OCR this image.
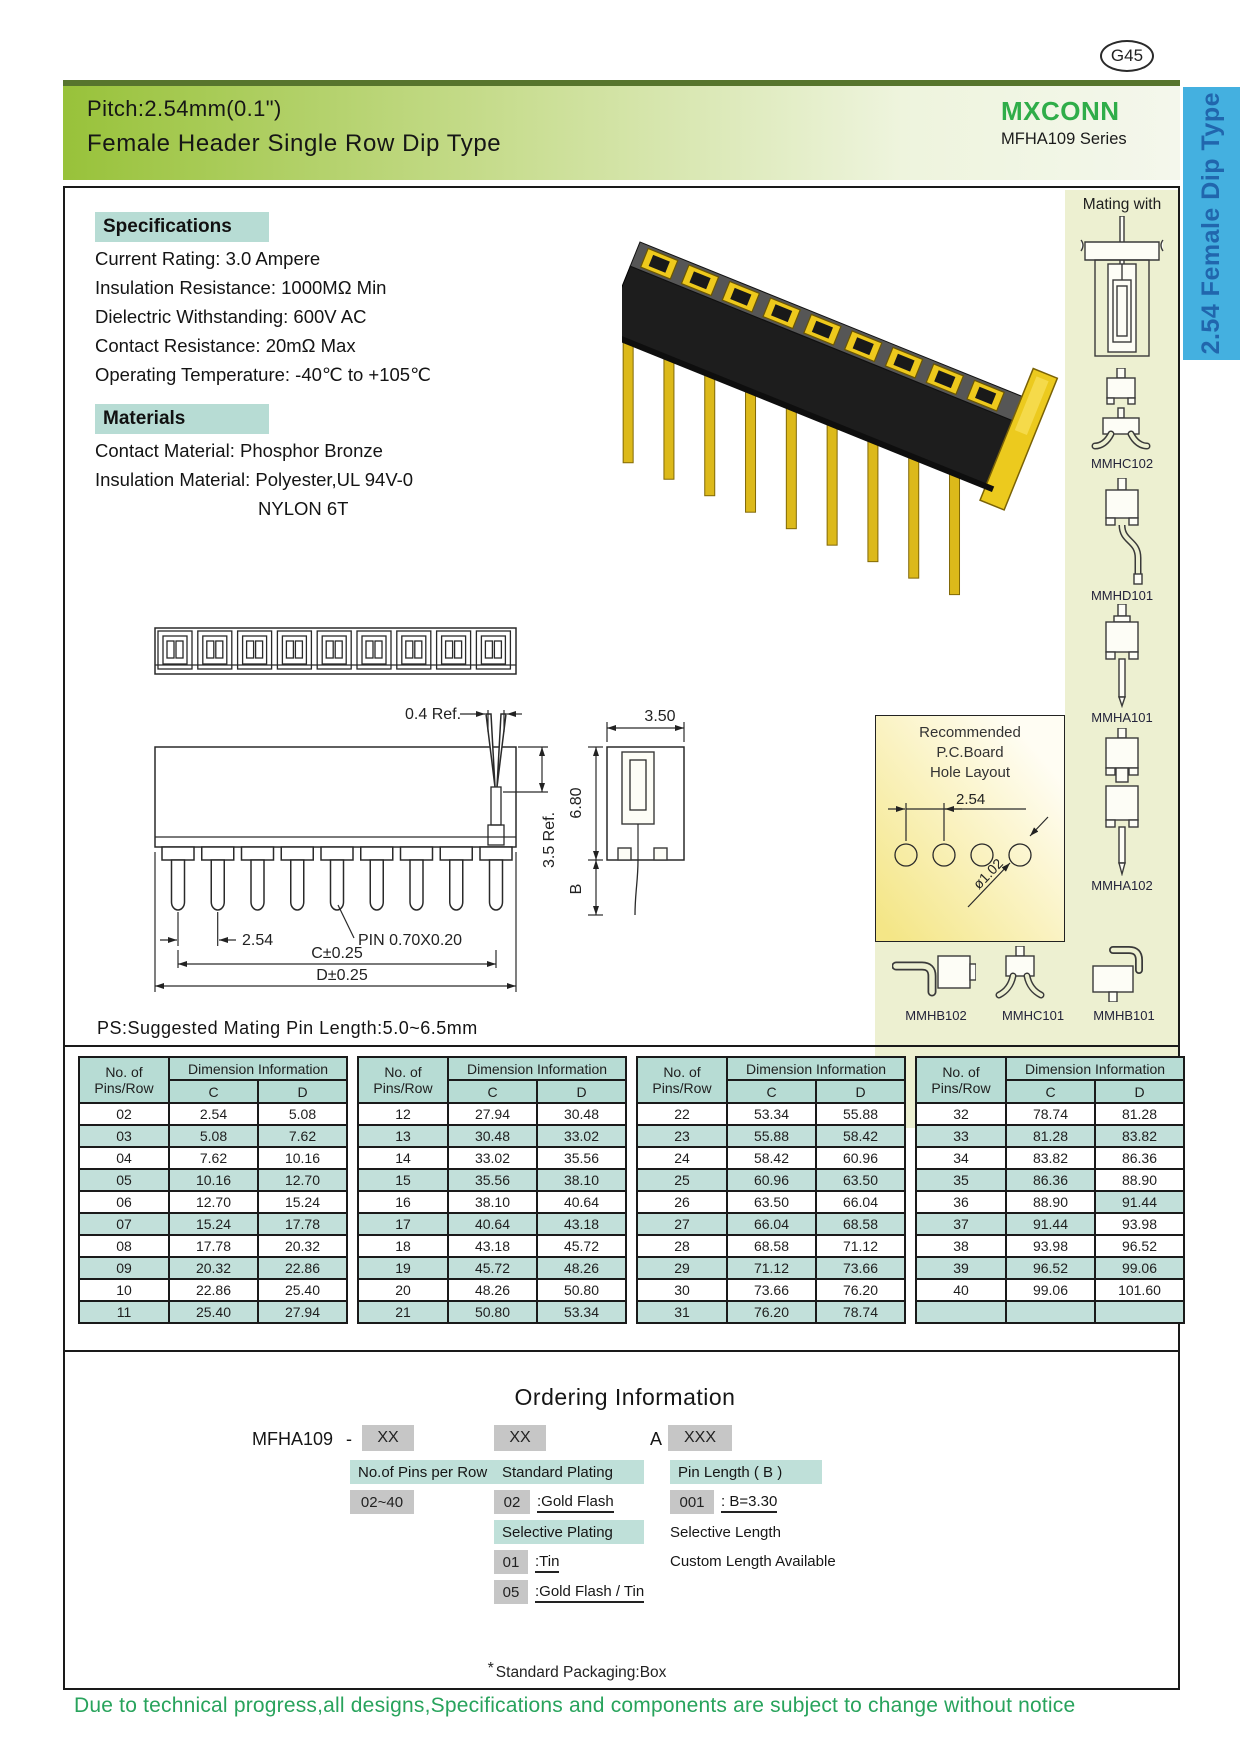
G45
2.54 Female Dip Type
Pitch:2.54mm(0.1")
Female Header Single Row Dip Type
MXCONN
MFHA109 Series
Mating with
Specifications
Current Rating: 3.0 Ampere
Insulation Resistance: 1000MΩ Min
Dielectric Withstanding: 600V AC
Contact Resistance: 20mΩ Max
Operating Temperature: -40℃ to +105℃
Materials
Contact Material: Phosphor Bronze
Insulation Material: Polyester,UL 94V-0
NYLON 6T
0.4 Ref.
3.5 Ref.
3.50
6.80
B
2.54	PIN 0.70X0.20
C±0.25
D±0.25
Recommended
P.C.Board
Hole Layout
2.54
ø1.02
MMHC102
MMHD101
MMHA101
MMHA102
MMHB102	MMHC101	MMHB101
PS:Suggested Mating Pin Length:5.0~6.5mm
No. of
Pins/Row	Dimension Information	
	C	D
02	2.54	5.08
03	5.08	7.62
04	7.62	10.16
05	10.16	12.70
06	12.70	15.24
07	15.24	17.78
08	17.78	20.32
09	20.32	22.86
10	22.86	25.40
11	25.40	27.94
No. of
Pins/Row	Dimension Information	
	C	D
12	27.94	30.48
13	30.48	33.02
14	33.02	35.56
15	35.56	38.10
16	38.10	40.64
17	40.64	43.18
18	43.18	45.72
19	45.72	48.26
20	48.26	50.80
21	50.80	53.34
No. of
Pins/Row	Dimension Information	
	C	D
22	53.34	55.88
23	55.88	58.42
24	58.42	60.96
25	60.96	63.50
26	63.50	66.04
27	66.04	68.58
28	68.58	71.12
29	71.12	73.66
30	73.66	76.20
31	76.20	78.74
No. of
Pins/Row	Dimension Information	
	C	D
32	78.74	81.28
33	81.28	83.82
34	83.82	86.36
35	86.36	88.90
36	88.90	91.44
37	91.44	93.98
38	93.98	96.52
39	96.52	99.06
40	99.06	101.60

Ordering Information
MFHA109 -	XX	XX	A	XXX
No.of Pins per Row Standard Plating	Pin Length ( B )
02~40	02	:Gold Flash	001	: B=3.30
Selective Plating	Selective Length
01	:Tin	Custom Length Available
05	:Gold Flash / Tin
* Standard Packaging:Box
Due to technical progress,all designs,Specifications and components are subject to change without notice
